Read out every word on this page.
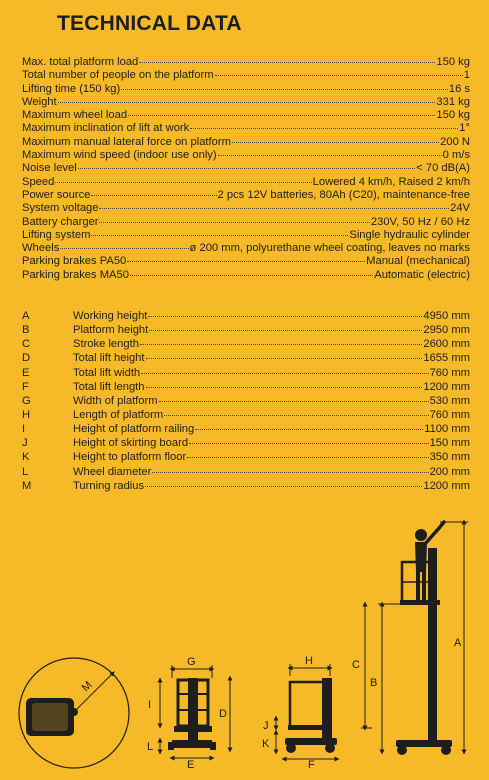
TECHNICAL DATA
Max. total platform load	150 kg
Total number of people on the platform	1
Lifting time (150 kg)	16 s
Weight	331 kg
Maximum wheel load	150 kg
Maximum inclination of lift at work	1°
Maximum manual lateral force on platform	200 N
Maximum wind speed (indoor use only)	0 m/s
Noise level	< 70 dB(A)
Speed	Lowered 4 km/h, Raised 2 km/h
Power source	2 pcs 12V batteries, 80Ah (C20), maintenance-free
System voltage	24V
Battery charger	230V, 50 Hz / 60 Hz
Lifting system	Single hydraulic cylinder
Wheels	ø 200 mm, polyurethane wheel coating, leaves no marks
Parking brakes PA50	Manual (mechanical)
Parking brakes MA50	Automatic (electric)
A	Working height	4950 mm
B	Platform height	2950 mm
C	Stroke length	2600 mm
D	Total lift height	1655 mm
E	Total lift width	760 mm
F	Total lift length	1200 mm
G	Width of platform	530 mm
H	Length of platform	760 mm
I	Height of platform railing	1100 mm
J	Height of skirting board	150 mm
K	Height to platform floor	350 mm
L	Wheel diameter	200 mm
M	Turning radius	1200 mm
M
G
I
D
E
L
H
J
K
F
A
B
C
